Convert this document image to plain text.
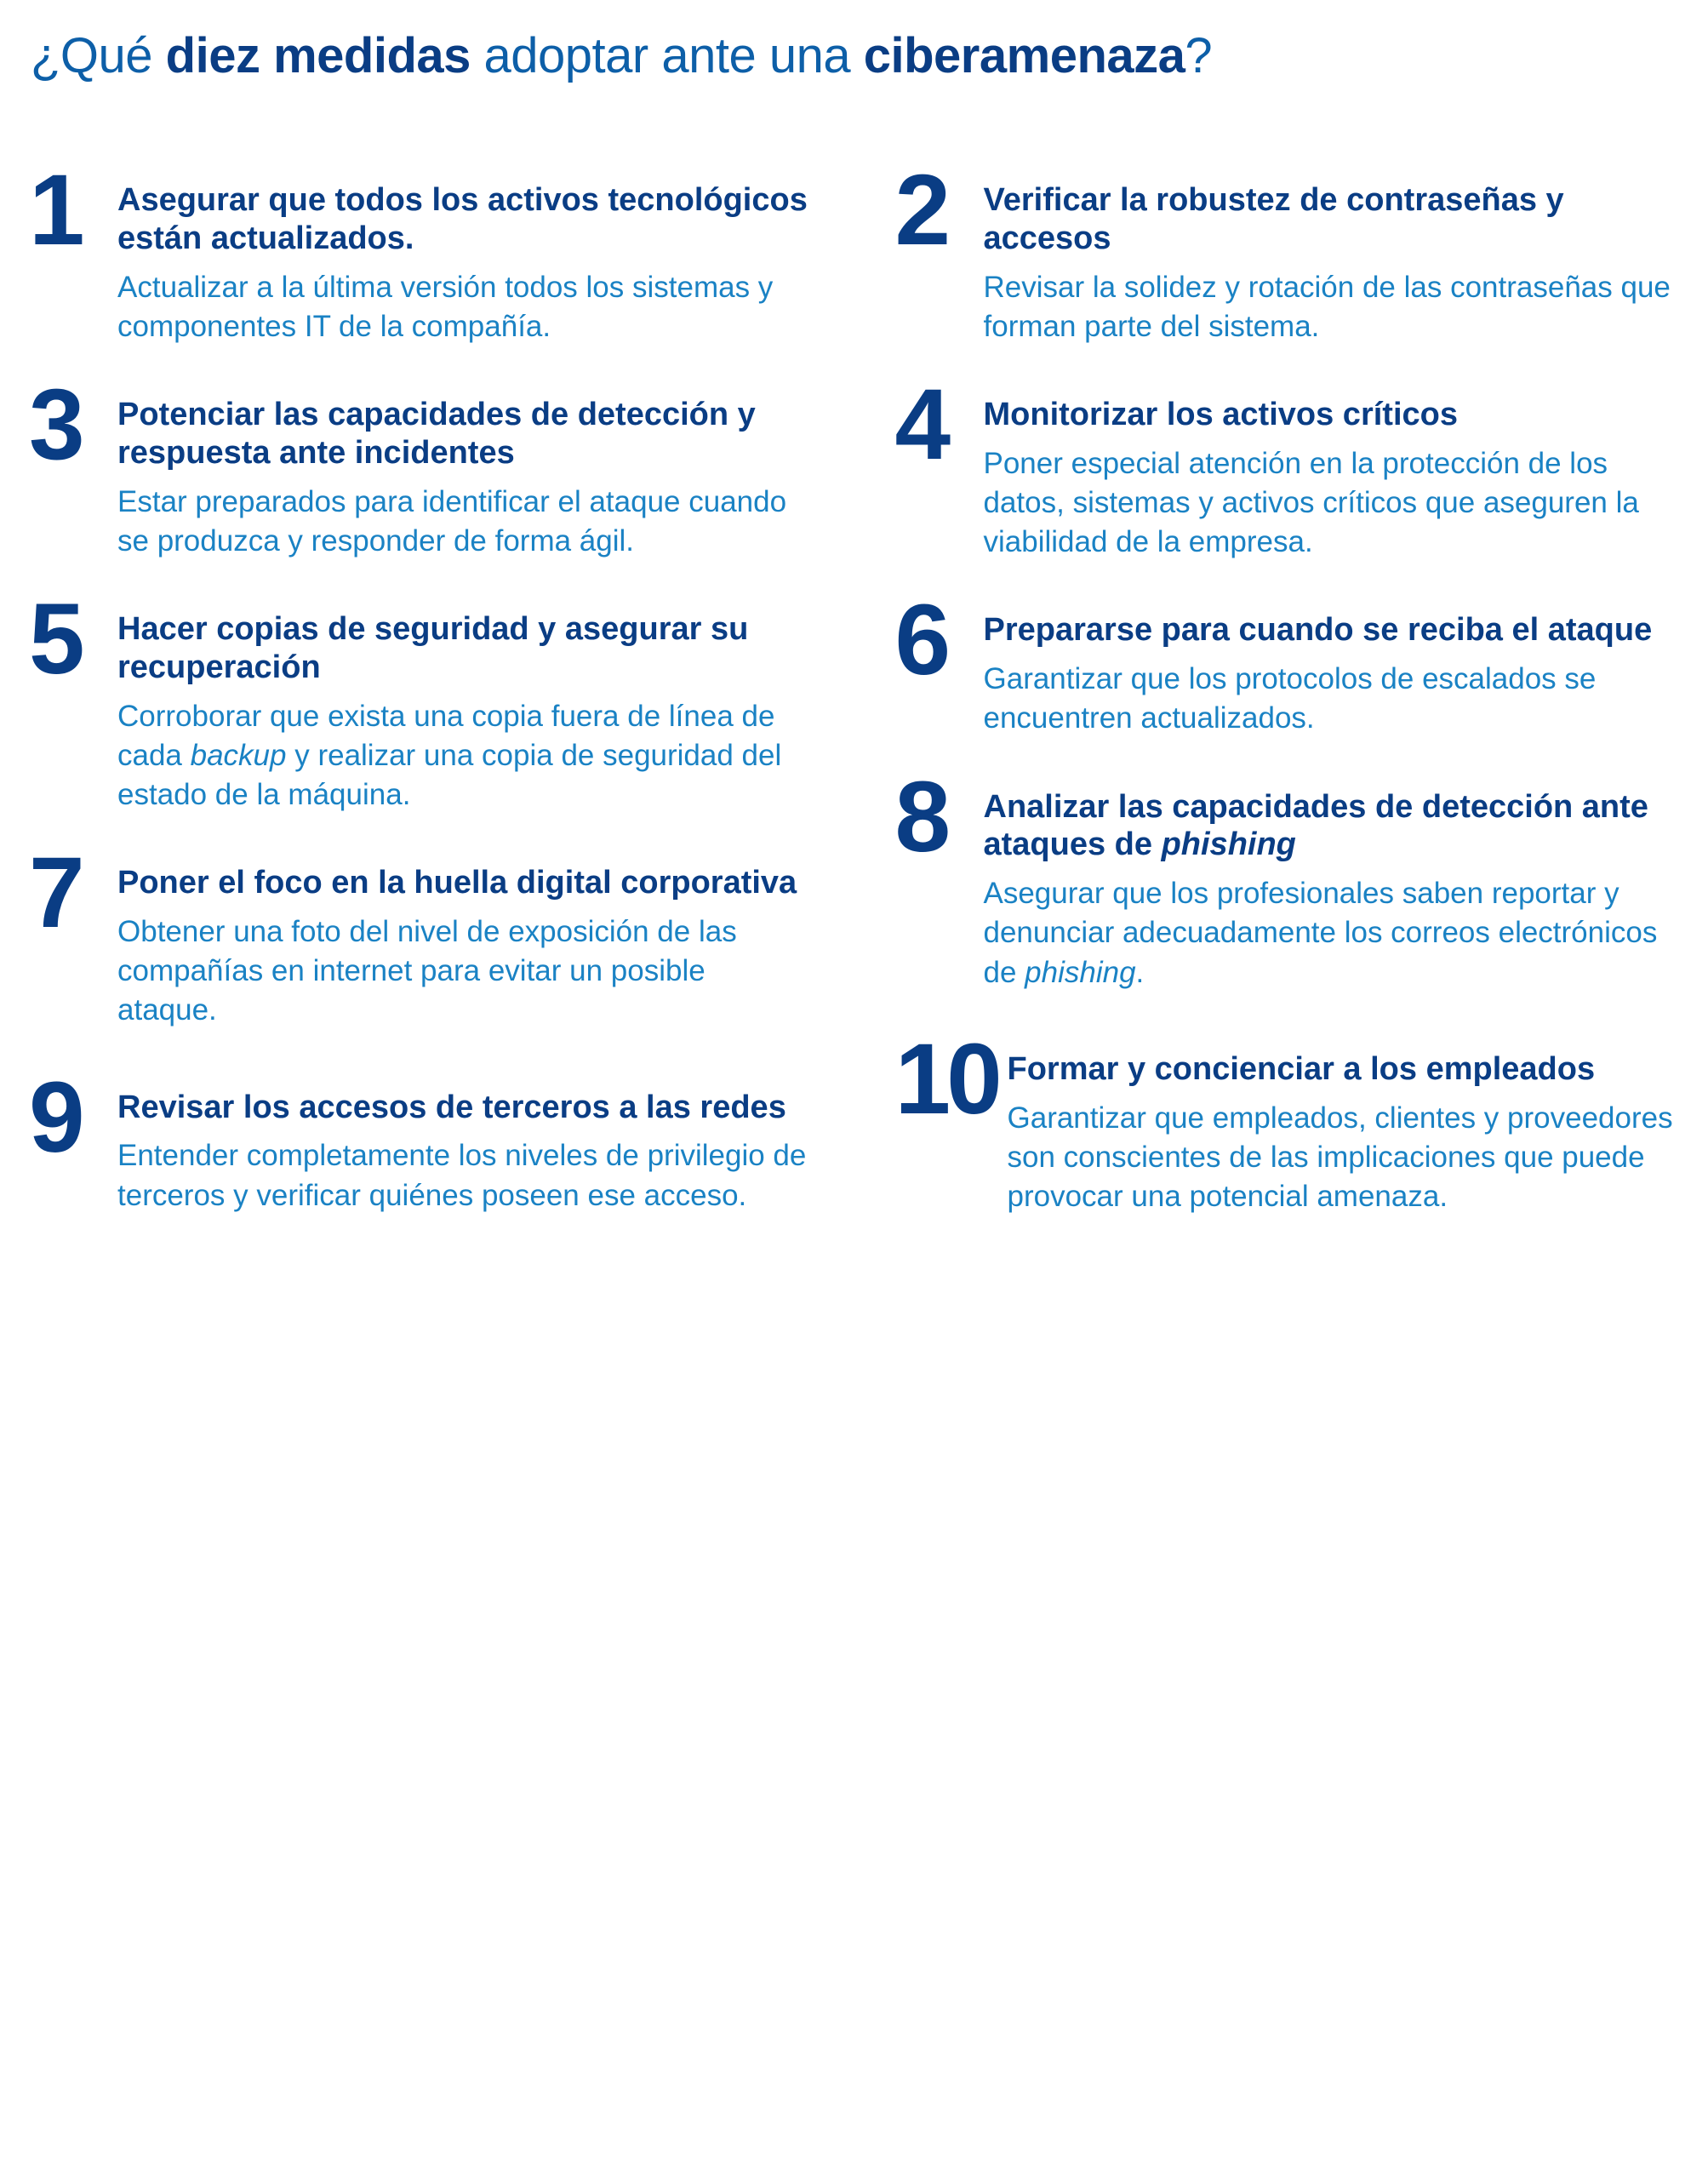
¿Qué diez medidas adoptar ante una ciberamenaza?
1	Asegurar que todos los activos tecnológicos están actualizados.

Actualizar a la última versión todos los sistemas y componentes IT de la compañía.

3	Potenciar las capacidades de detección y respuesta ante incidentes

Estar preparados para identificar el ataque cuando se produzca y responder de forma ágil.

5	Hacer copias de seguridad y asegurar su recuperación

Corroborar que exista una copia fuera de línea de cada backup y realizar una copia de seguridad del estado de la máquina.

7	Poner el foco en la huella digital corporativa

Obtener una foto del nivel de exposición de las compañías en internet para evitar un posible ataque.

9	Revisar los accesos de terceros a las redes

Entender completamente los niveles de privilegio de terceros y verificar quiénes poseen ese acceso.

2	Verificar la robustez de contraseñas y accesos

Revisar la solidez y rotación de las contraseñas que forman parte del sistema.

4	Monitorizar los activos críticos

Poner especial atención en la protección de los datos, sistemas y activos críticos que aseguren la viabilidad de la empresa.

6	Prepararse para cuando se reciba el ataque

Garantizar que los protocolos de escalados se encuentren actualizados.

8	Analizar las capacidades de detección ante ataques de phishing

Asegurar que los profesionales saben reportar y denunciar adecuadamente los correos electrónicos de phishing.

10 Formar y concienciar a los empleados

Garantizar que empleados, clientes y proveedores son conscientes de las implicaciones que puede provocar una potencial amenaza.
